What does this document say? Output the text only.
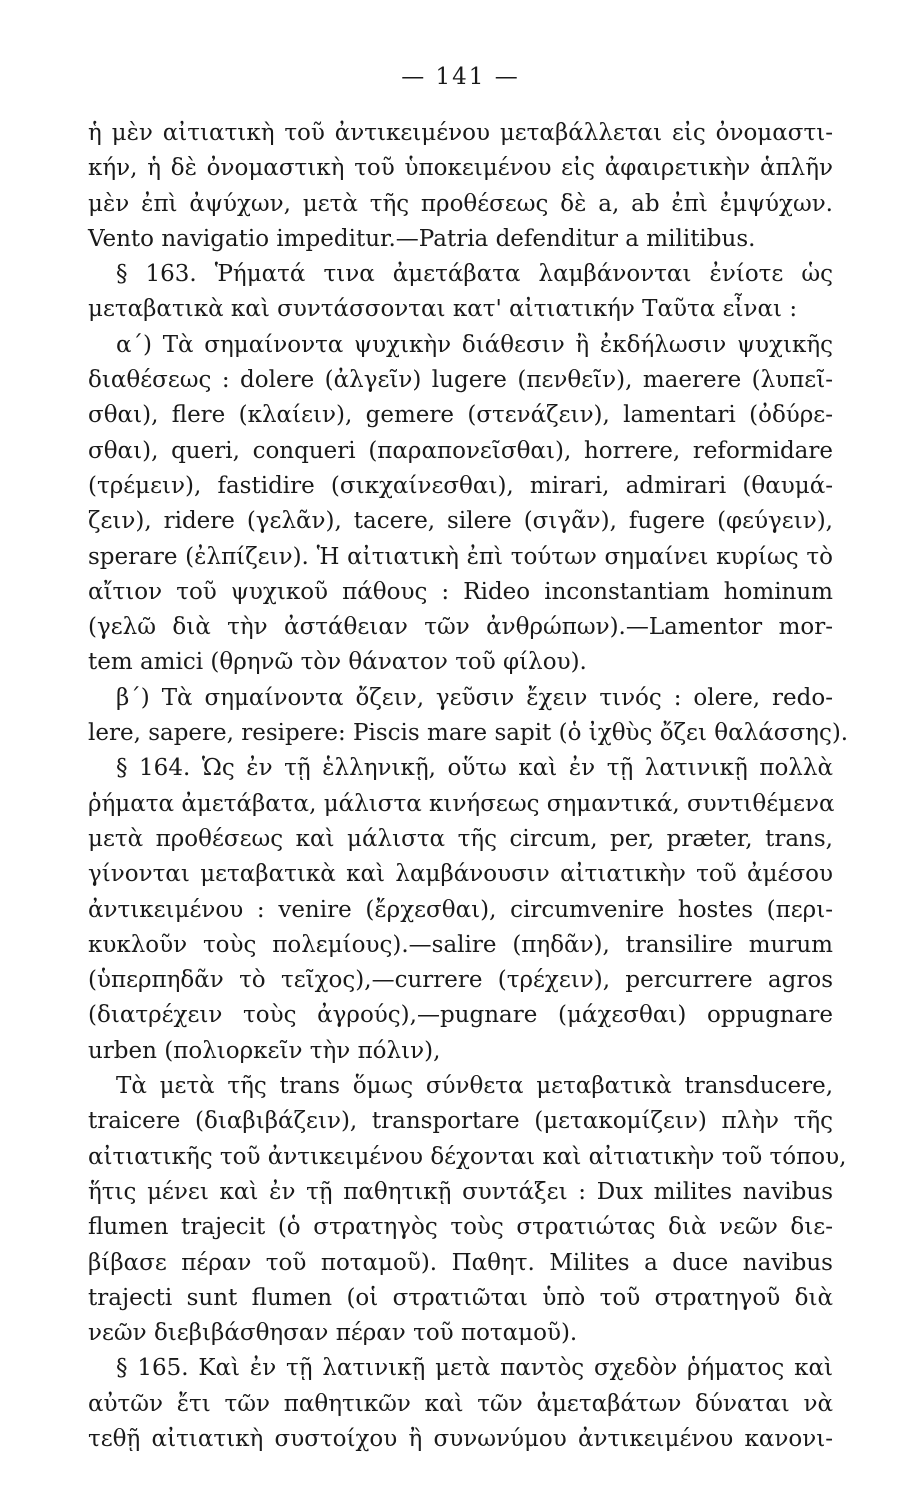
— 141 —
ἡ μὲν αἰτιατικὴ τοῦ ἀντικειμένου μεταβάλλεται εἰς ὀνομαστι-
κήν, ἡ δὲ ὀνομαστικὴ τοῦ ὑποκειμένου εἰς ἀφαιρετικὴν ἁπλῆν
μὲν ἐπὶ ἀψύχων, μετὰ τῆς προθέσεως δὲ a, ab ἐπὶ ἐμψύχων.
Vento navigatio impeditur.—Patria defenditur a militibus.
§ 163. Ῥήματά τινα ἀμετάβατα λαμβάνονται ἐνίοτε ὡς
μεταβατικὰ καὶ συντάσσονται κατ' αἰτιατικήν Ταῦτα εἶναι :
α΄) Τὰ σημαίνοντα ψυχικὴν διάθεσιν ἢ ἐκδήλωσιν ψυχικῆς
διαθέσεως : dolere (ἀλγεῖν) lugere (πενθεῖν), maerere (λυπεῖ-
σθαι), flere (κλαίειν), gemere (στενάζειν), lamentari (ὀδύρε-
σθαι), queri, conqueri (παραπονεῖσθαι), horrere, reformidare
(τρέμειν), fastidire (σικχαίνεσθαι), mirari, admirari (θαυμά-
ζειν), ridere (γελᾶν), tacere, silere (σιγᾶν), fugere (φεύγειν),
sperare (ἐλπίζειν). Ἡ αἰτιατικὴ ἐπὶ τούτων σημαίνει κυρίως τὸ
αἴτιον τοῦ ψυχικοῦ πάθους : Rideo inconstantiam hominum
(γελῶ διὰ τὴν ἀστάθειαν τῶν ἀνθρώπων).—Lamentor mor-
tem amici (θρηνῶ τὸν θάνατον τοῦ φίλου).
β΄) Τὰ σημαίνοντα ὄζειν, γεῦσιν ἔχειν τινός : olere, redo-
lere, sapere, resipere: Piscis mare sapit (ὁ ἰχθὺς ὄζει θαλάσσης).
§ 164. Ὡς ἐν τῇ ἑλληνικῇ, οὕτω καὶ ἐν τῇ λατινικῇ πολλὰ
ῥήματα ἀμετάβατα, μάλιστα κινήσεως σημαντικά, συντιθέμενα
μετὰ προθέσεως καὶ μάλιστα τῆς circum, per, præter, trans,
γίνονται μεταβατικὰ καὶ λαμβάνουσιν αἰτιατικὴν τοῦ ἀμέσου
ἀντικειμένου : venire (ἔρχεσθαι), circumvenire hostes (περι-
κυκλοῦν τοὺς πολεμίους).—salire (πηδᾶν), transilire murum
(ὑπερπηδᾶν τὸ τεῖχος),—currere (τρέχειν), percurrere agros
(διατρέχειν τοὺς ἀγρούς),—pugnare (μάχεσθαι) oppugnare
urben (πολιορκεῖν τὴν πόλιν),
Τὰ μετὰ τῆς trans ὅμως σύνθετα μεταβατικὰ transducere,
traicere (διαβιβάζειν), transportare (μετακομίζειν) πλὴν τῆς
αἰτιατικῆς τοῦ ἀντικειμένου δέχονται καὶ αἰτιατικὴν τοῦ τόπου,
ἥτις μένει καὶ ἐν τῇ παθητικῇ συντάξει : Dux milites navibus
flumen trajecit (ὁ στρατηγὸς τοὺς στρατιώτας διὰ νεῶν διε-
βίβασε πέραν τοῦ ποταμοῦ). Παθητ. Milites a duce navibus
trajecti sunt flumen (οἱ στρατιῶται ὑπὸ τοῦ στρατηγοῦ διὰ
νεῶν διεβιβάσθησαν πέραν τοῦ ποταμοῦ).
§ 165. Καὶ ἐν τῇ λατινικῇ μετὰ παντὸς σχεδὸν ῥήματος καὶ
αὐτῶν ἔτι τῶν παθητικῶν καὶ τῶν ἀμεταβάτων δύναται νὰ
τεθῇ αἰτιατικὴ συστοίχου ἢ συνωνύμου ἀντικειμένου κανονι-
